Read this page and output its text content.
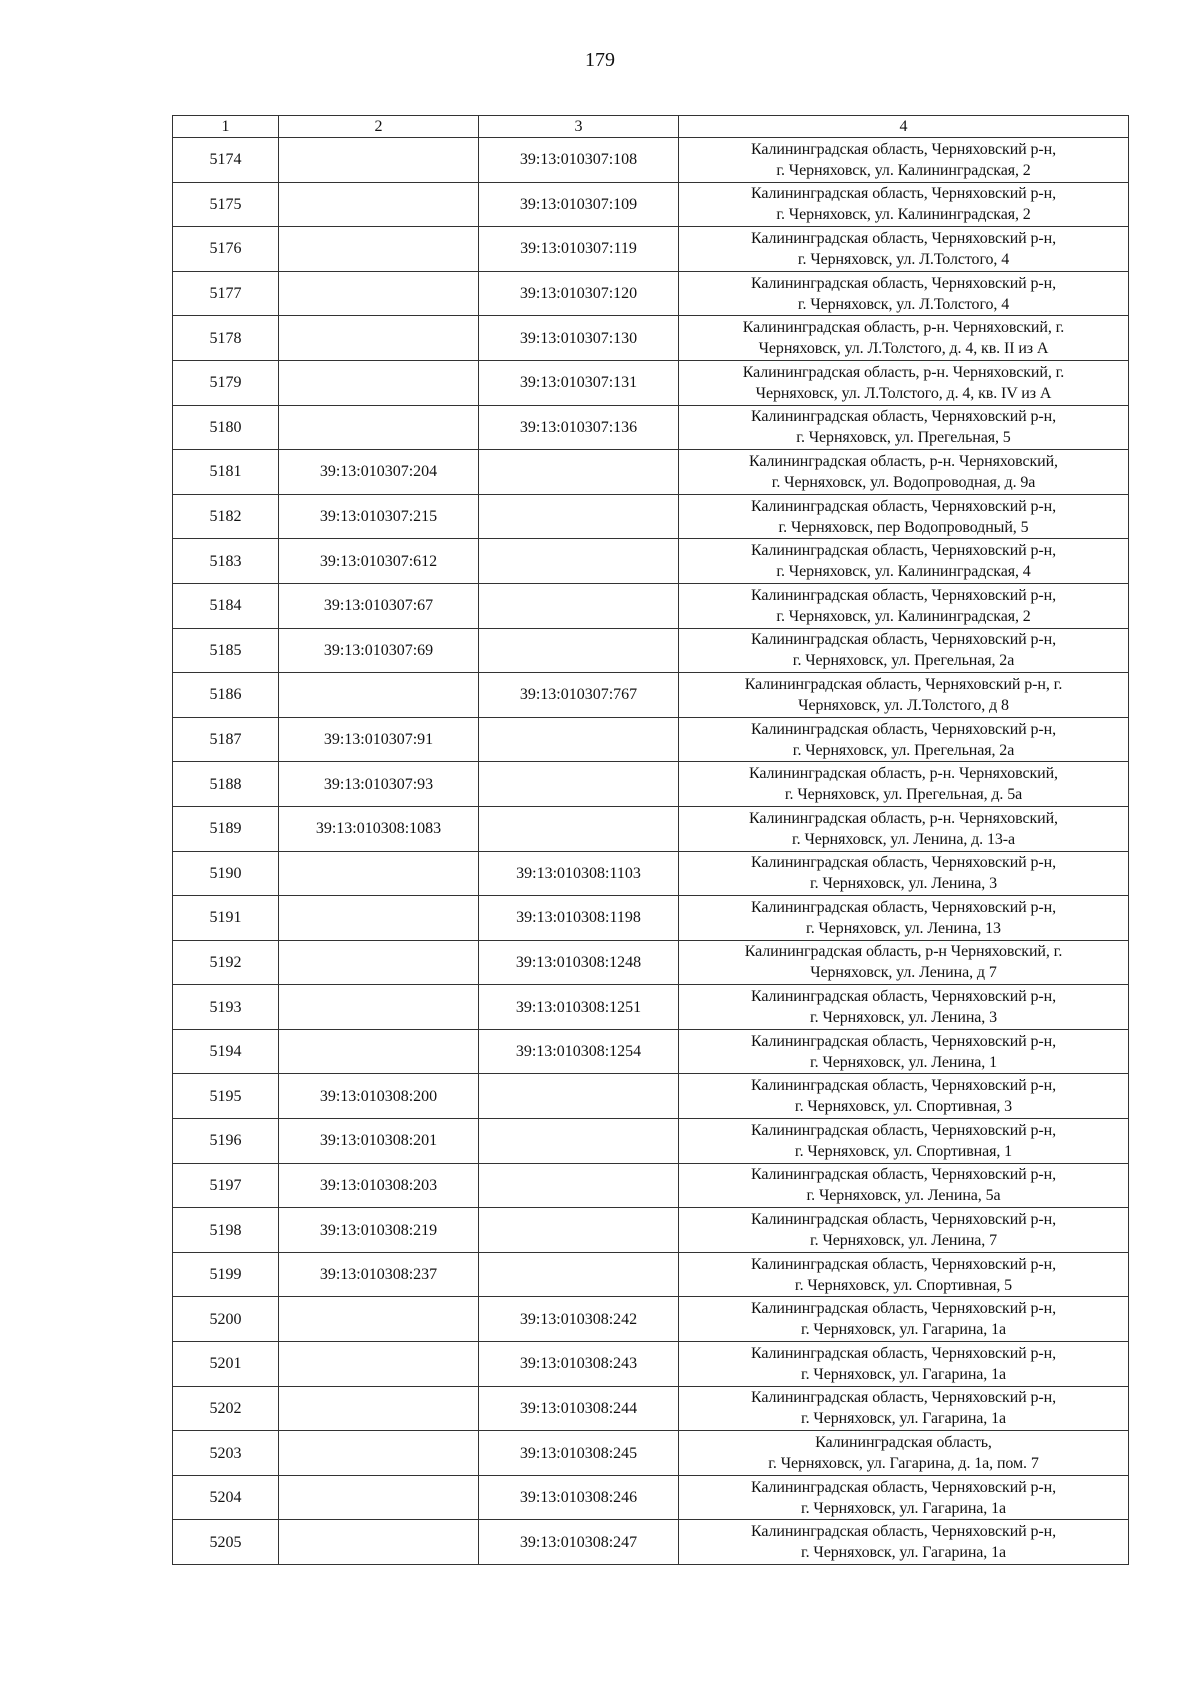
179
1	2	3	4
5174		39:13:010307:108	Калининградская область, Черняховский р-н,
г. Черняховск, ул. Калининградская, 2

5175		39:13:010307:109	Калининградская область, Черняховский р-н,
г. Черняховск, ул. Калининградская, 2

5176		39:13:010307:119	Калининградская область, Черняховский р-н,
г. Черняховск, ул. Л.Толстого, 4

5177		39:13:010307:120	Калининградская область, Черняховский р-н,
г. Черняховск, ул. Л.Толстого, 4

5178		39:13:010307:130	Калининградская область, р-н. Черняховский, г.
Черняховск, ул. Л.Толстого, д. 4, кв. II из А

5179		39:13:010307:131	Калининградская область, р-н. Черняховский, г.
Черняховск, ул. Л.Толстого, д. 4, кв. IV из А

5180		39:13:010307:136	Калининградская область, Черняховский р-н,
г. Черняховск, ул. Прегельная, 5

5181	39:13:010307:204		Калининградская область, р-н. Черняховский,
г. Черняховск, ул. Водопроводная, д. 9а

5182	39:13:010307:215		Калининградская область, Черняховский р-н,
г. Черняховск, пер Водопроводный, 5

5183	39:13:010307:612		Калининградская область, Черняховский р-н,
г. Черняховск, ул. Калининградская, 4

5184	39:13:010307:67		Калининградская область, Черняховский р-н,
г. Черняховск, ул. Калининградская, 2

5185	39:13:010307:69		Калининградская область, Черняховский р-н,
г. Черняховск, ул. Прегельная, 2а

5186		39:13:010307:767	Калининградская область, Черняховский р-н, г.
Черняховск, ул. Л.Толстого, д 8

5187	39:13:010307:91		Калининградская область, Черняховский р-н,
г. Черняховск, ул. Прегельная, 2а

5188	39:13:010307:93		Калининградская область, р-н. Черняховский,
г. Черняховск, ул. Прегельная, д. 5а

5189	39:13:010308:1083		Калининградская область, р-н. Черняховский,
г. Черняховск, ул. Ленина, д. 13-а

5190		39:13:010308:1103	Калининградская область, Черняховский р-н,
г. Черняховск, ул. Ленина, 3

5191		39:13:010308:1198	Калининградская область, Черняховский р-н,
г. Черняховск, ул. Ленина, 13

5192		39:13:010308:1248	Калининградская область, р-н Черняховский, г.
Черняховск, ул. Ленина, д 7

5193		39:13:010308:1251	Калининградская область, Черняховский р-н,
г. Черняховск, ул. Ленина, 3

5194		39:13:010308:1254	Калининградская область, Черняховский р-н,
г. Черняховск, ул. Ленина, 1

5195	39:13:010308:200		Калининградская область, Черняховский р-н,
г. Черняховск, ул. Спортивная, 3

5196	39:13:010308:201		Калининградская область, Черняховский р-н,
г. Черняховск, ул. Спортивная, 1

5197	39:13:010308:203		Калининградская область, Черняховский р-н,
г. Черняховск, ул. Ленина, 5а

5198	39:13:010308:219		Калининградская область, Черняховский р-н,
г. Черняховск, ул. Ленина, 7

5199	39:13:010308:237		Калининградская область, Черняховский р-н,
г. Черняховск, ул. Спортивная, 5

5200		39:13:010308:242	Калининградская область, Черняховский р-н,
г. Черняховск, ул. Гагарина, 1а

5201		39:13:010308:243	Калининградская область, Черняховский р-н,
г. Черняховск, ул. Гагарина, 1а

5202		39:13:010308:244	Калининградская область, Черняховский р-н,
г. Черняховск, ул. Гагарина, 1а

5203		39:13:010308:245	Калининградская область,
г. Черняховск, ул. Гагарина, д. 1а, пом. 7

5204		39:13:010308:246	Калининградская область, Черняховский р-н,
г. Черняховск, ул. Гагарина, 1а

5205		39:13:010308:247	Калининградская область, Черняховский р-н,
г. Черняховск, ул. Гагарина, 1а
